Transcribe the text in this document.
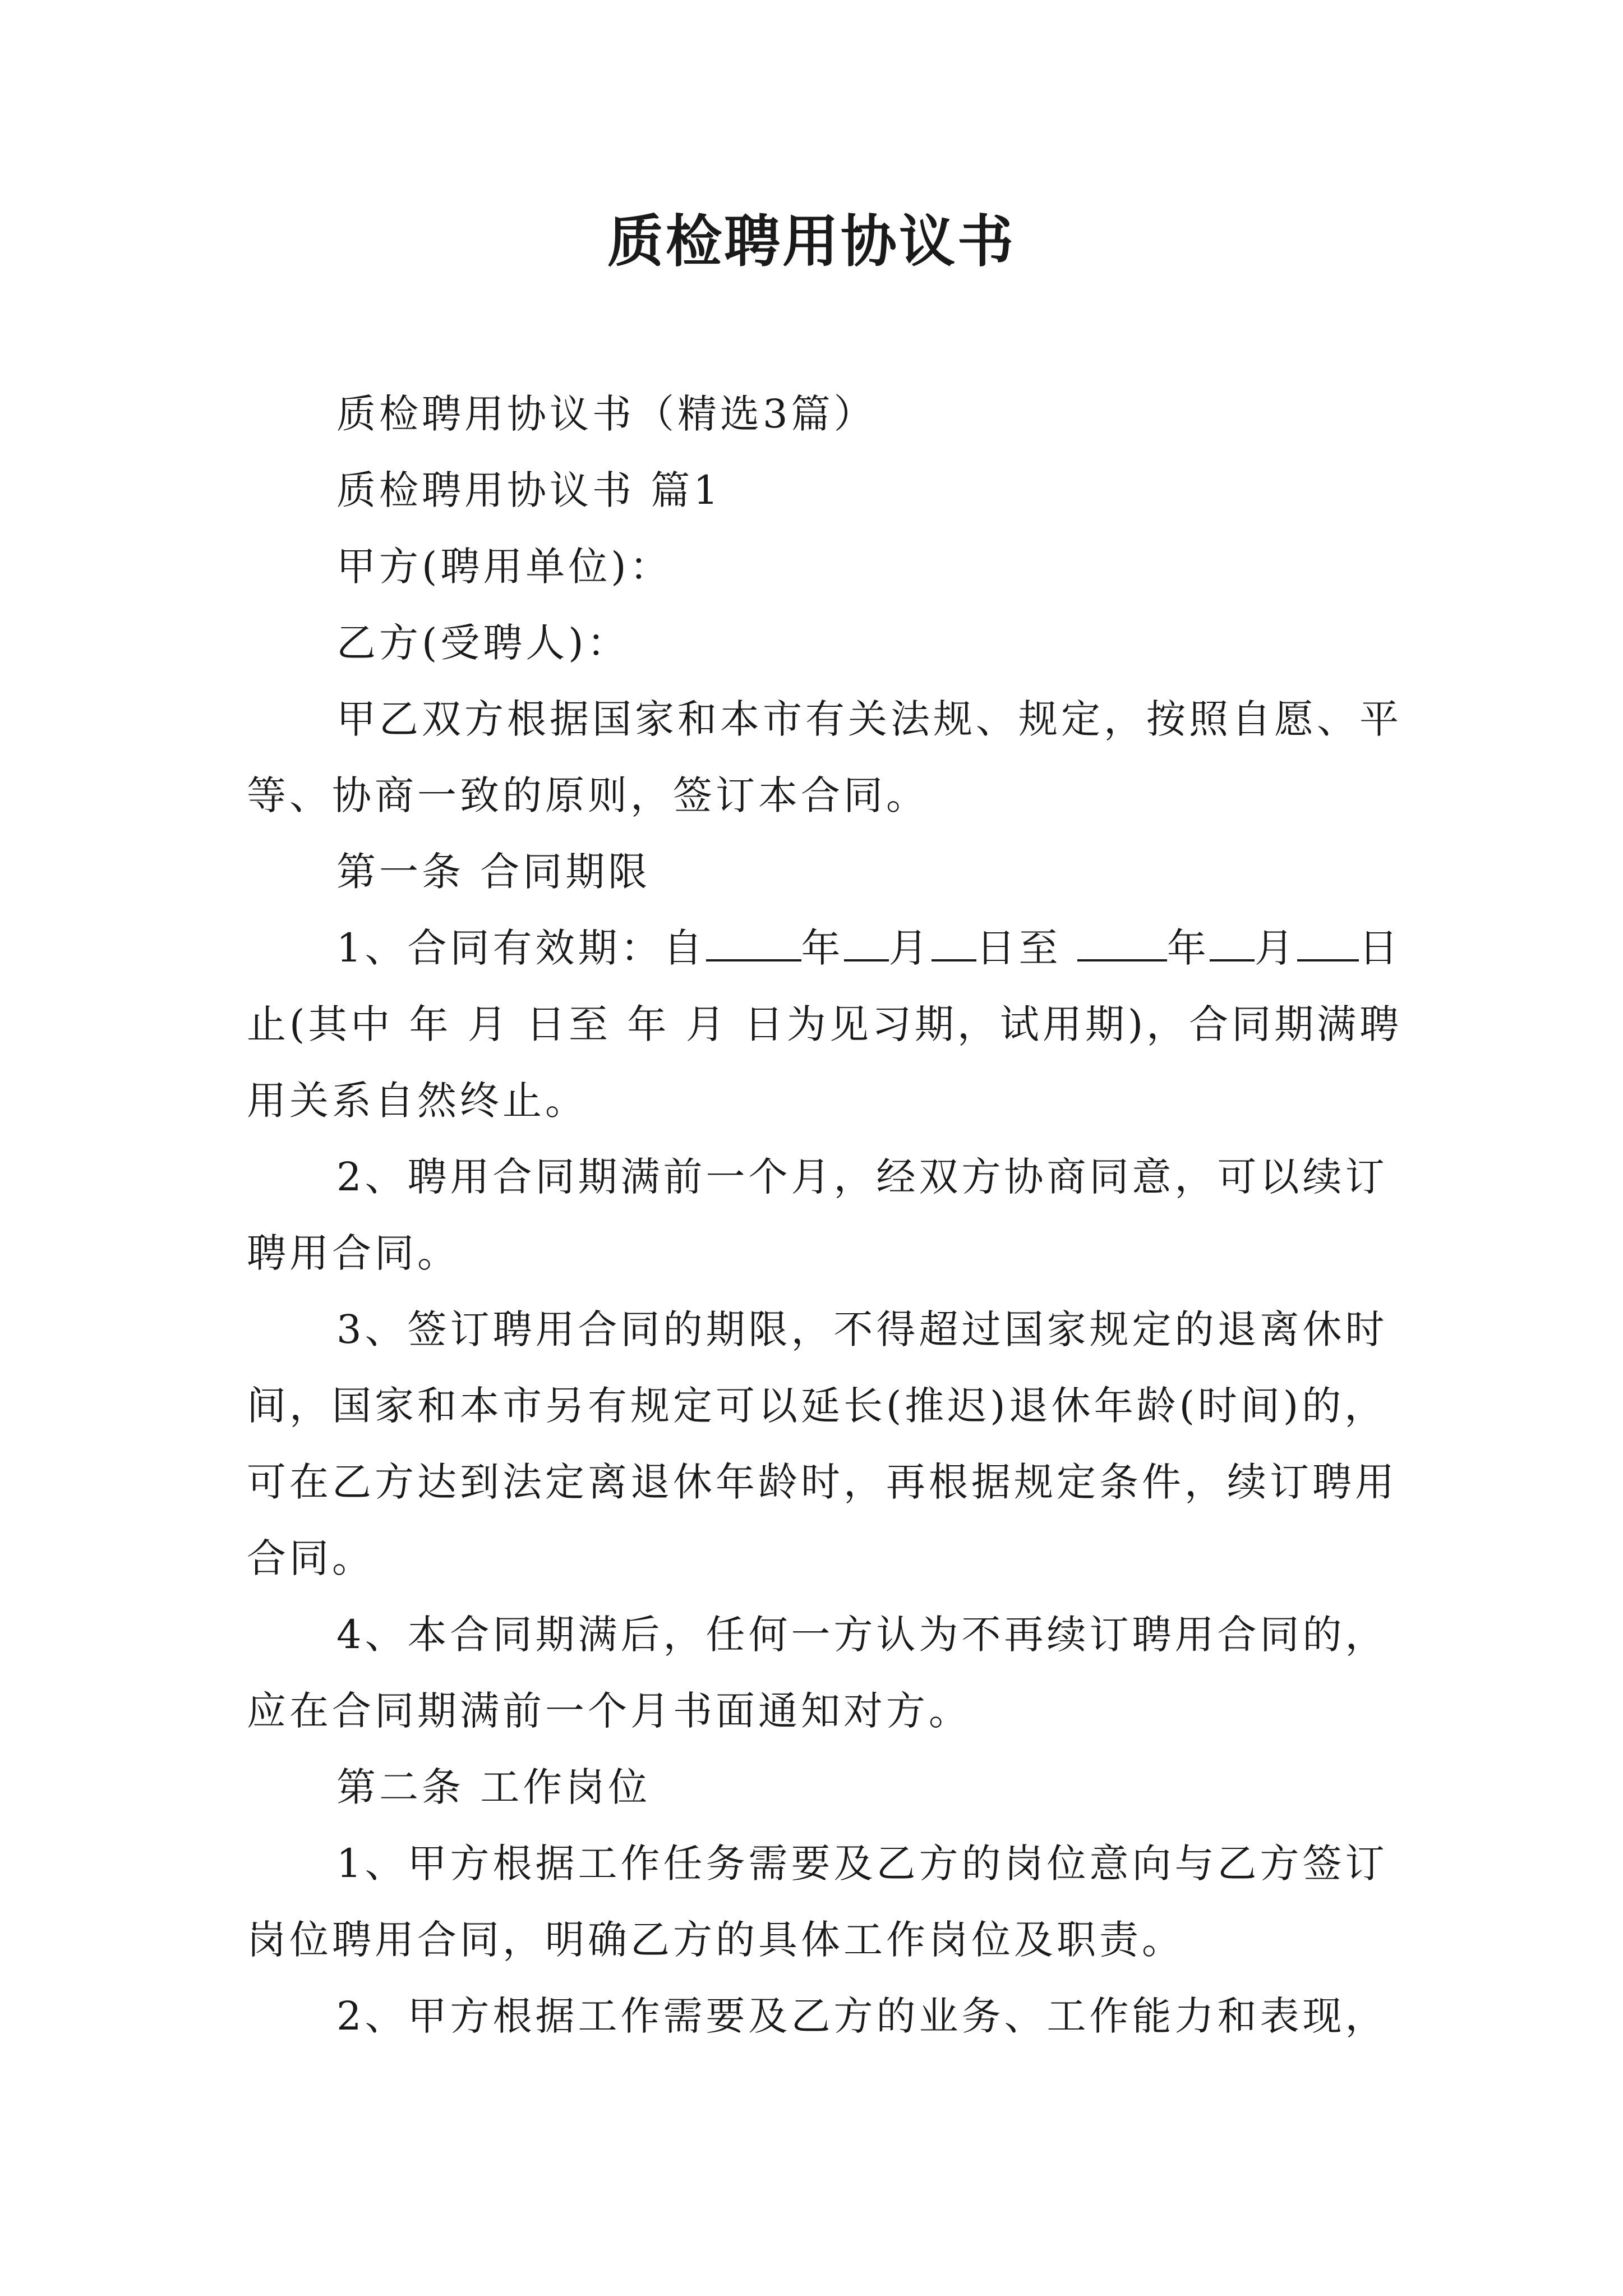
质检聘用协议书

质检聘用协议书（精选3篇）

质检聘用协议书 篇1

甲方(聘用单位)：

乙方(受聘人)：

甲乙双方根据国家和本市有关法规、规定，按照自愿、平等、协商一致的原则，签订本合同。

第一条 合同期限

1、合同有效期：自 年 月 日至 年 月 日止(其中 年 月 日至 年 月 日为见习期，试用期)，合同期满聘用关系自然终止。

2、聘用合同期满前一个月，经双方协商同意，可以续订聘用合同。

3、签订聘用合同的期限，不得超过国家规定的退离休时间，国家和本市另有规定可以延长(推迟)退休年龄(时间)的，可在乙方达到法定离退休年龄时，再根据规定条件，续订聘用合同。

4、本合同期满后，任何一方认为不再续订聘用合同的，应在合同期满前一个月书面通知对方。

第二条 工作岗位

1、甲方根据工作任务需要及乙方的岗位意向与乙方签订岗位聘用合同，明确乙方的具体工作岗位及职责。

2、甲方根据工作需要及乙方的业务、工作能力和表现，
